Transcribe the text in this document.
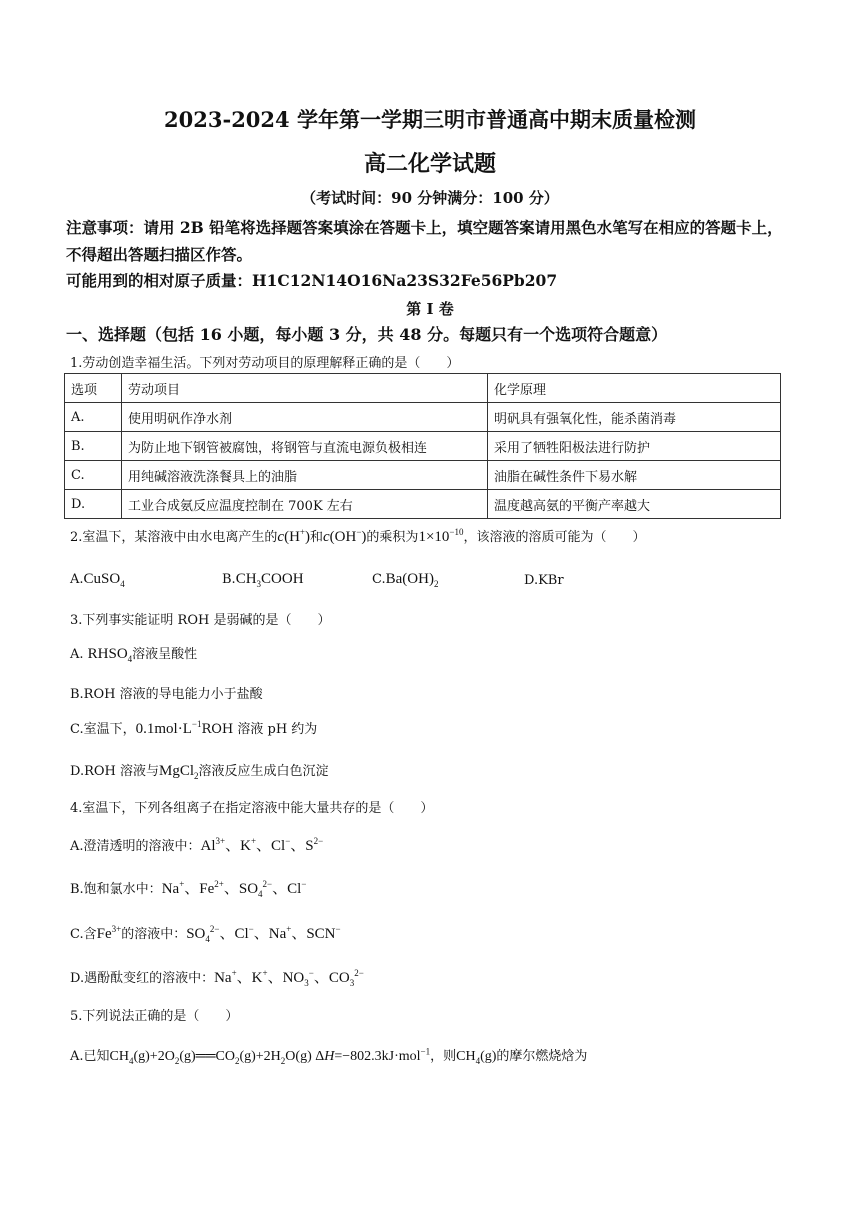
2023-2024 学年第一学期三明市普通高中期末质量检测
高二化学试题
（考试时间：90 分钟满分：100 分）
注意事项：请用 2B 铅笔将选择题答案填涂在答题卡上，填空题答案请用黑色水笔写在相应的答题卡上，不得超出答题扫描区作答。
可能用到的相对原子质量：H1C12N14O16Na23S32Fe56Pb207
第 I 卷
一、选择题（包括 16 小题，每小题 3 分，共 48 分。每题只有一个选项符合题意）
1.劳动创造幸福生活。下列对劳动项目的原理解释正确的是（　　）
选项	劳动项目	化学原理
A.	使用明矾作净水剂	明矾具有强氧化性，能杀菌消毒
B.	为防止地下钢管被腐蚀，将钢管与直流电源负极相连	采用了牺牲阳极法进行防护
C.	用纯碱溶液洗涤餐具上的油脂	油脂在碱性条件下易水解
D.	工业合成氨反应温度控制在 700K 左右	温度越高氨的平衡产率越大
2.室温下，某溶液中由水电离产生的c(H+)和c(OH−)的乘积为$1\times 10^{-10}$，该溶液的溶质可能为（　　）
A.CuSO$_4$	$B.CH_3COOH$	$C.Ba(OH)_2$	D.KBr
3.下列事实能证明 ROH 是弱碱的是（　　）
A. $RHSO_4$溶液呈酸性
B.ROH 溶液的导电能力小于盐酸
C.室温下，$0.1mol\cdot L^{-1}ROH$ 溶液 pH 约为
D.ROH 溶液与MgCl$_2$溶液反应生成白色沉淀
4.室温下，下列各组离子在指定溶液中能大量共存的是（　　）
A.澄清透明的溶液中：$Al^{3+}$、K+、Cl−、$S^{2-}$
B.饱和氯水中：Na+、$Fe^{2+}$、$SO_4^{2-}$、Cl−
C.含$Fe^{3+}$的溶液中：$SO_4^{2-}$、Cl−、Na+、SCN−
D.遇酚酞变红的溶液中：Na+、K+、$NO_3^-$、$CO_3^{2-}$
5.下列说法正确的是（　　）
A.已知$CH_4(g)+2O_2(g)══CO_2(g)+2H_2O(g)$ ΔH=−802.3kJ·mol$^{-1}$，则$CH_4(g)$的摩尔燃烧焓为
